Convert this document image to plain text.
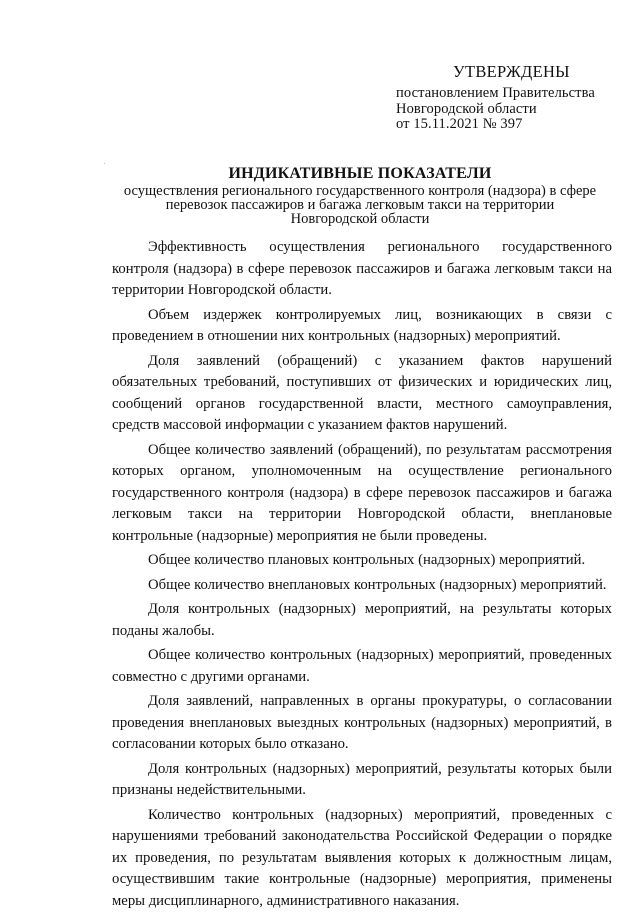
УТВЕРЖДЕНЫ
постановлением Правительства
Новгородской области
от 15.11.2021 № 397
ИНДИКАТИВНЫЕ ПОКАЗАТЕЛИ
осуществления регионального государственного контроля (надзора) в сфере
перевозок пассажиров и багажа легковым такси на территории
Новгородской области

Эффективность осуществления регионального государственного контроля (надзора) в сфере перевозок пассажиров и багажа легковым такси на территории Новгородской области.

Объем издержек контролируемых лиц, возникающих в связи с проведением в отношении них контрольных (надзорных) мероприятий.

Доля заявлений (обращений) с указанием фактов нарушений обязательных требований, поступивших от физических и юридических лиц, сообщений органов государственной власти, местного самоуправления, средств массовой информации с указанием фактов нарушений.

Общее количество заявлений (обращений), по результатам рассмотрения которых органом, уполномоченным на осуществление регионального государственного контроля (надзора) в сфере перевозок пассажиров и багажа легковым такси на территории Новгородской области, внеплановые контрольные (надзорные) мероприятия не были проведены.

Общее количество плановых контрольных (надзорных) мероприятий.

Общее количество внеплановых контрольных (надзорных) мероприятий.

Доля контрольных (надзорных) мероприятий, на результаты которых поданы жалобы.

Общее количество контрольных (надзорных) мероприятий, проведенных совместно с другими органами.

Доля заявлений, направленных в органы прокуратуры, о согласовании проведения внеплановых выездных контрольных (надзорных) мероприятий, в согласовании которых было отказано.

Доля контрольных (надзорных) мероприятий, результаты которых были признаны недействительными.

Количество контрольных (надзорных) мероприятий, проведенных с нарушениями требований законодательства Российской Федерации о порядке их проведения, по результатам выявления которых к должностным лицам, осуществившим такие контрольные (надзорные) мероприятия, применены меры дисциплинарного, административного наказания.
